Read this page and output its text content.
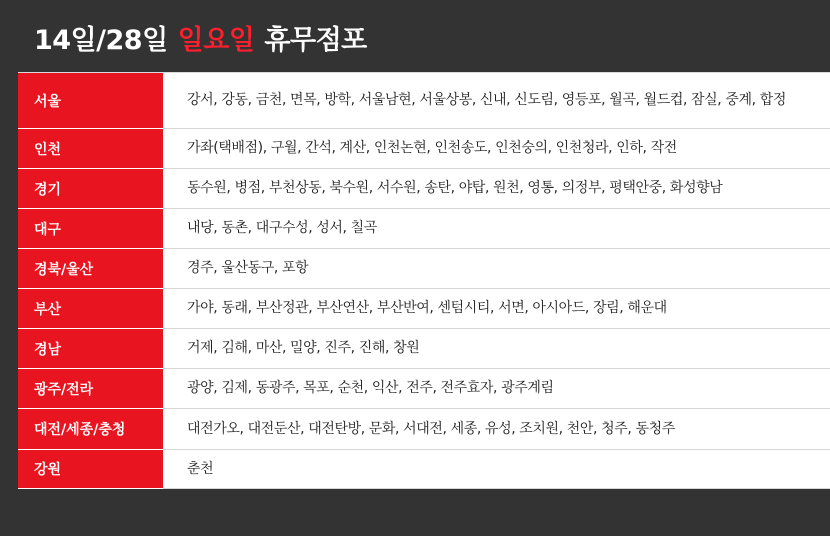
14일/28일 일요일 휴무점포
서울	강서, 강동, 금천, 면목, 방학, 서울남현, 서울상봉, 신내, 신도림, 영등포, 월곡, 월드컵, 잠실, 중계, 합정
인천	가좌(택배점), 구월, 간석, 계산, 인천논현, 인천송도, 인천숭의, 인천청라, 인하, 작전
경기	동수원, 병점, 부천상동, 북수원, 서수원, 송탄, 야탑, 원천, 영통, 의정부, 평택안중, 화성향남
대구	내당, 동촌, 대구수성, 성서, 칠곡
경북/울산	경주, 울산동구, 포항
부산	가야, 동래, 부산정관, 부산연산, 부산반여, 센텀시티, 서면, 아시아드, 장림, 해운대
경남	거제, 김해, 마산, 밀양, 진주, 진해, 창원
광주/전라	광양, 김제, 동광주, 목포, 순천, 익산, 전주, 전주효자, 광주계림
대전/세종/충청	대전가오, 대전둔산, 대전탄방, 문화, 서대전, 세종, 유성, 조치원, 천안, 청주, 동청주
강원	춘천
